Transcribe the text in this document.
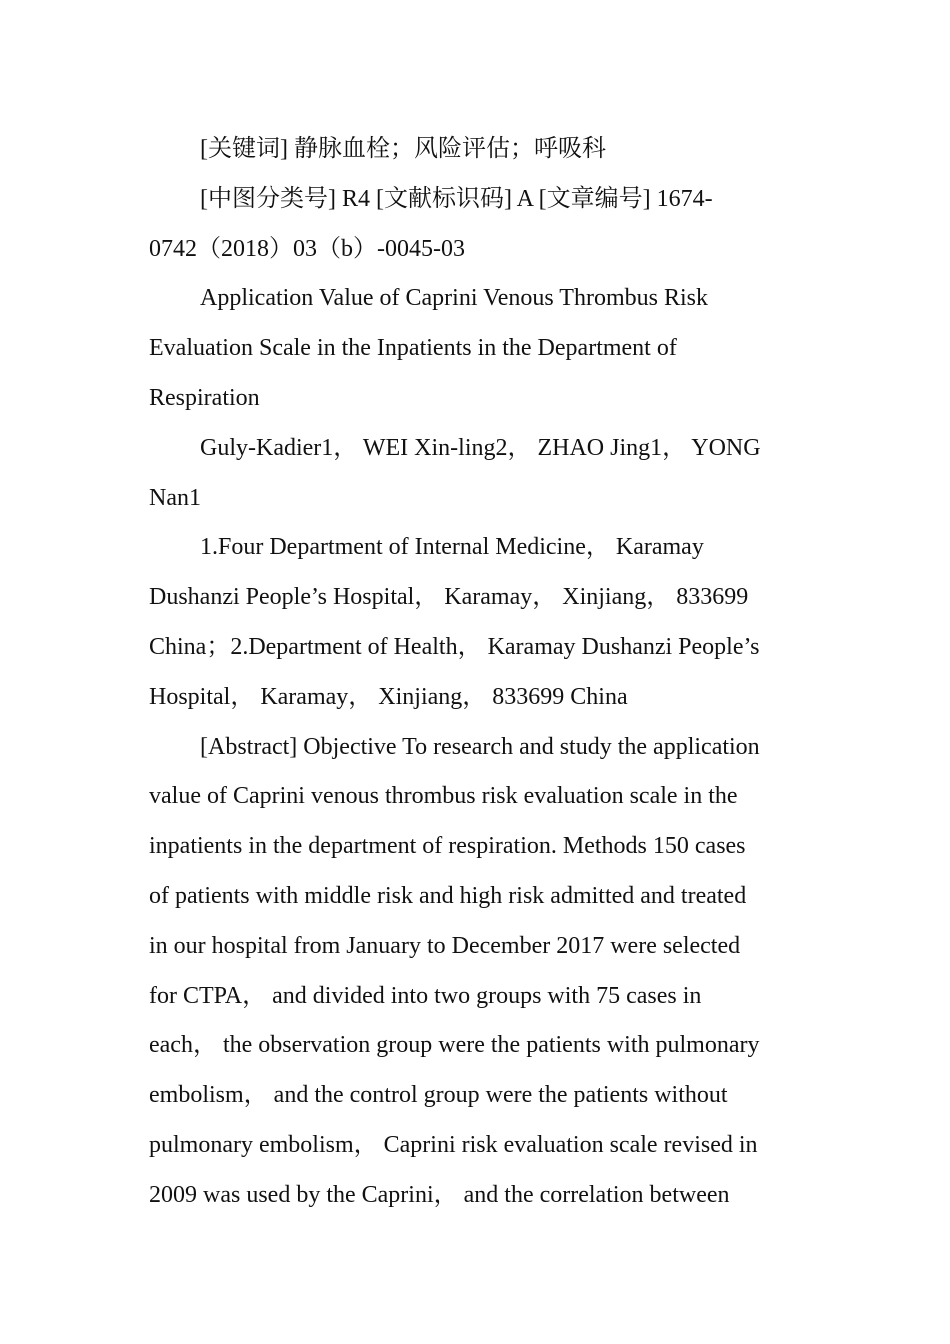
[关键词] 静脉血栓；风险评估；呼吸科

[中图分类号] R4 [文献标识码] A [文章编号] 1674-
0742（2018）03（b）-0045-03

Application Value of Caprini Venous Thrombus Risk
Evaluation Scale in the Inpatients in the Department of
Respiration

Guly-Kadier1， WEI Xin-ling2， ZHAO Jing1， YONG
Nan1

1.Four Department of Internal Medicine， Karamay
Dushanzi People’s Hospital， Karamay， Xinjiang， 833699
China；2.Department of Health， Karamay Dushanzi People’s
Hospital， Karamay， Xinjiang， 833699 China

[Abstract] Objective To research and study the application
value of Caprini venous thrombus risk evaluation scale in the
inpatients in the department of respiration. Methods 150 cases
of patients with middle risk and high risk admitted and treated
in our hospital from January to December 2017 were selected
for CTPA， and divided into two groups with 75 cases in
each， the observation group were the patients with pulmonary
embolism， and the control group were the patients without
pulmonary embolism， Caprini risk evaluation scale revised in
2009 was used by the Caprini， and the correlation between
